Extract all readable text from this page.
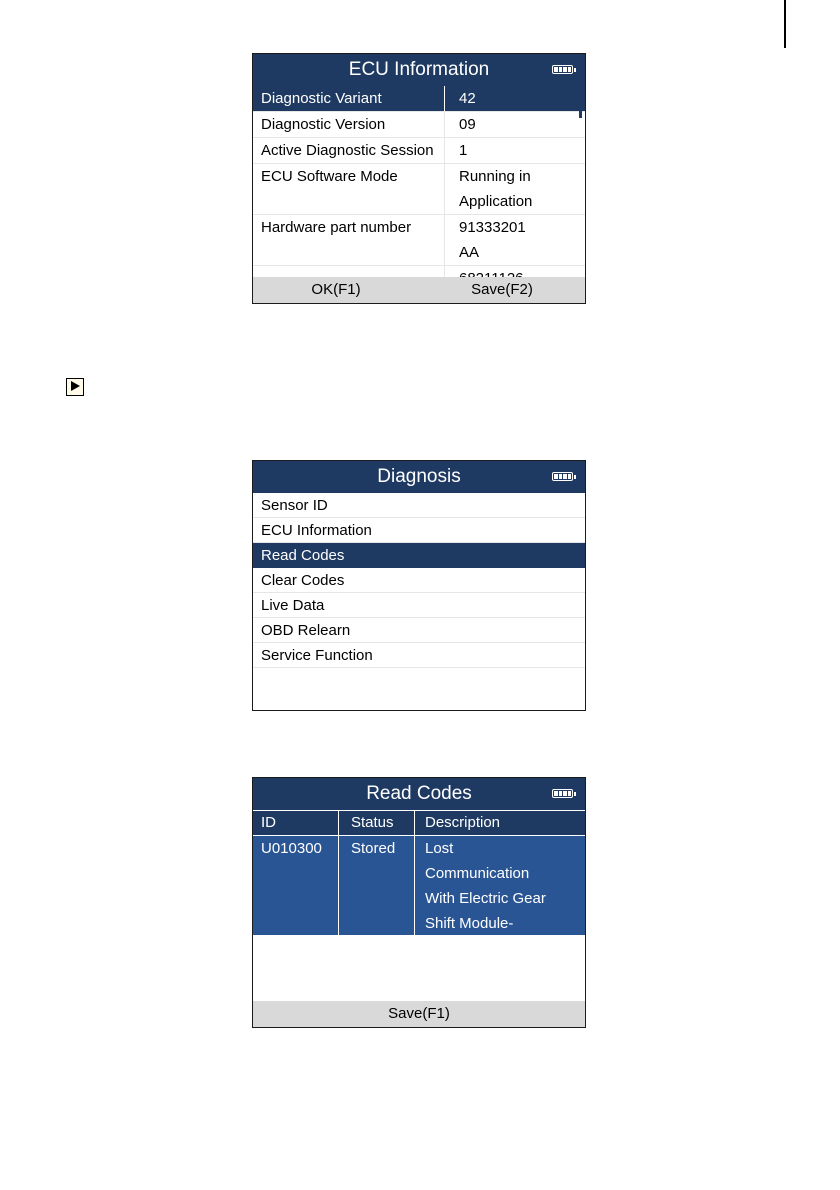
ECU Information
Diagnostic Variant	42
Diagnostic Version	09
Active Diagnostic Session	1
ECU Software Mode	Running in
Application
Hardware part number	91333201
AA
OK(F1)	Save(F2)
Diagnosis
Sensor ID
ECU Information
Read Codes
Clear Codes
Live Data
OBD Relearn
Service Function
Read Codes
ID	Status	Description
U010300	Stored	Lost
Communication
With Electric Gear
Shift Module-
Save(F1)
